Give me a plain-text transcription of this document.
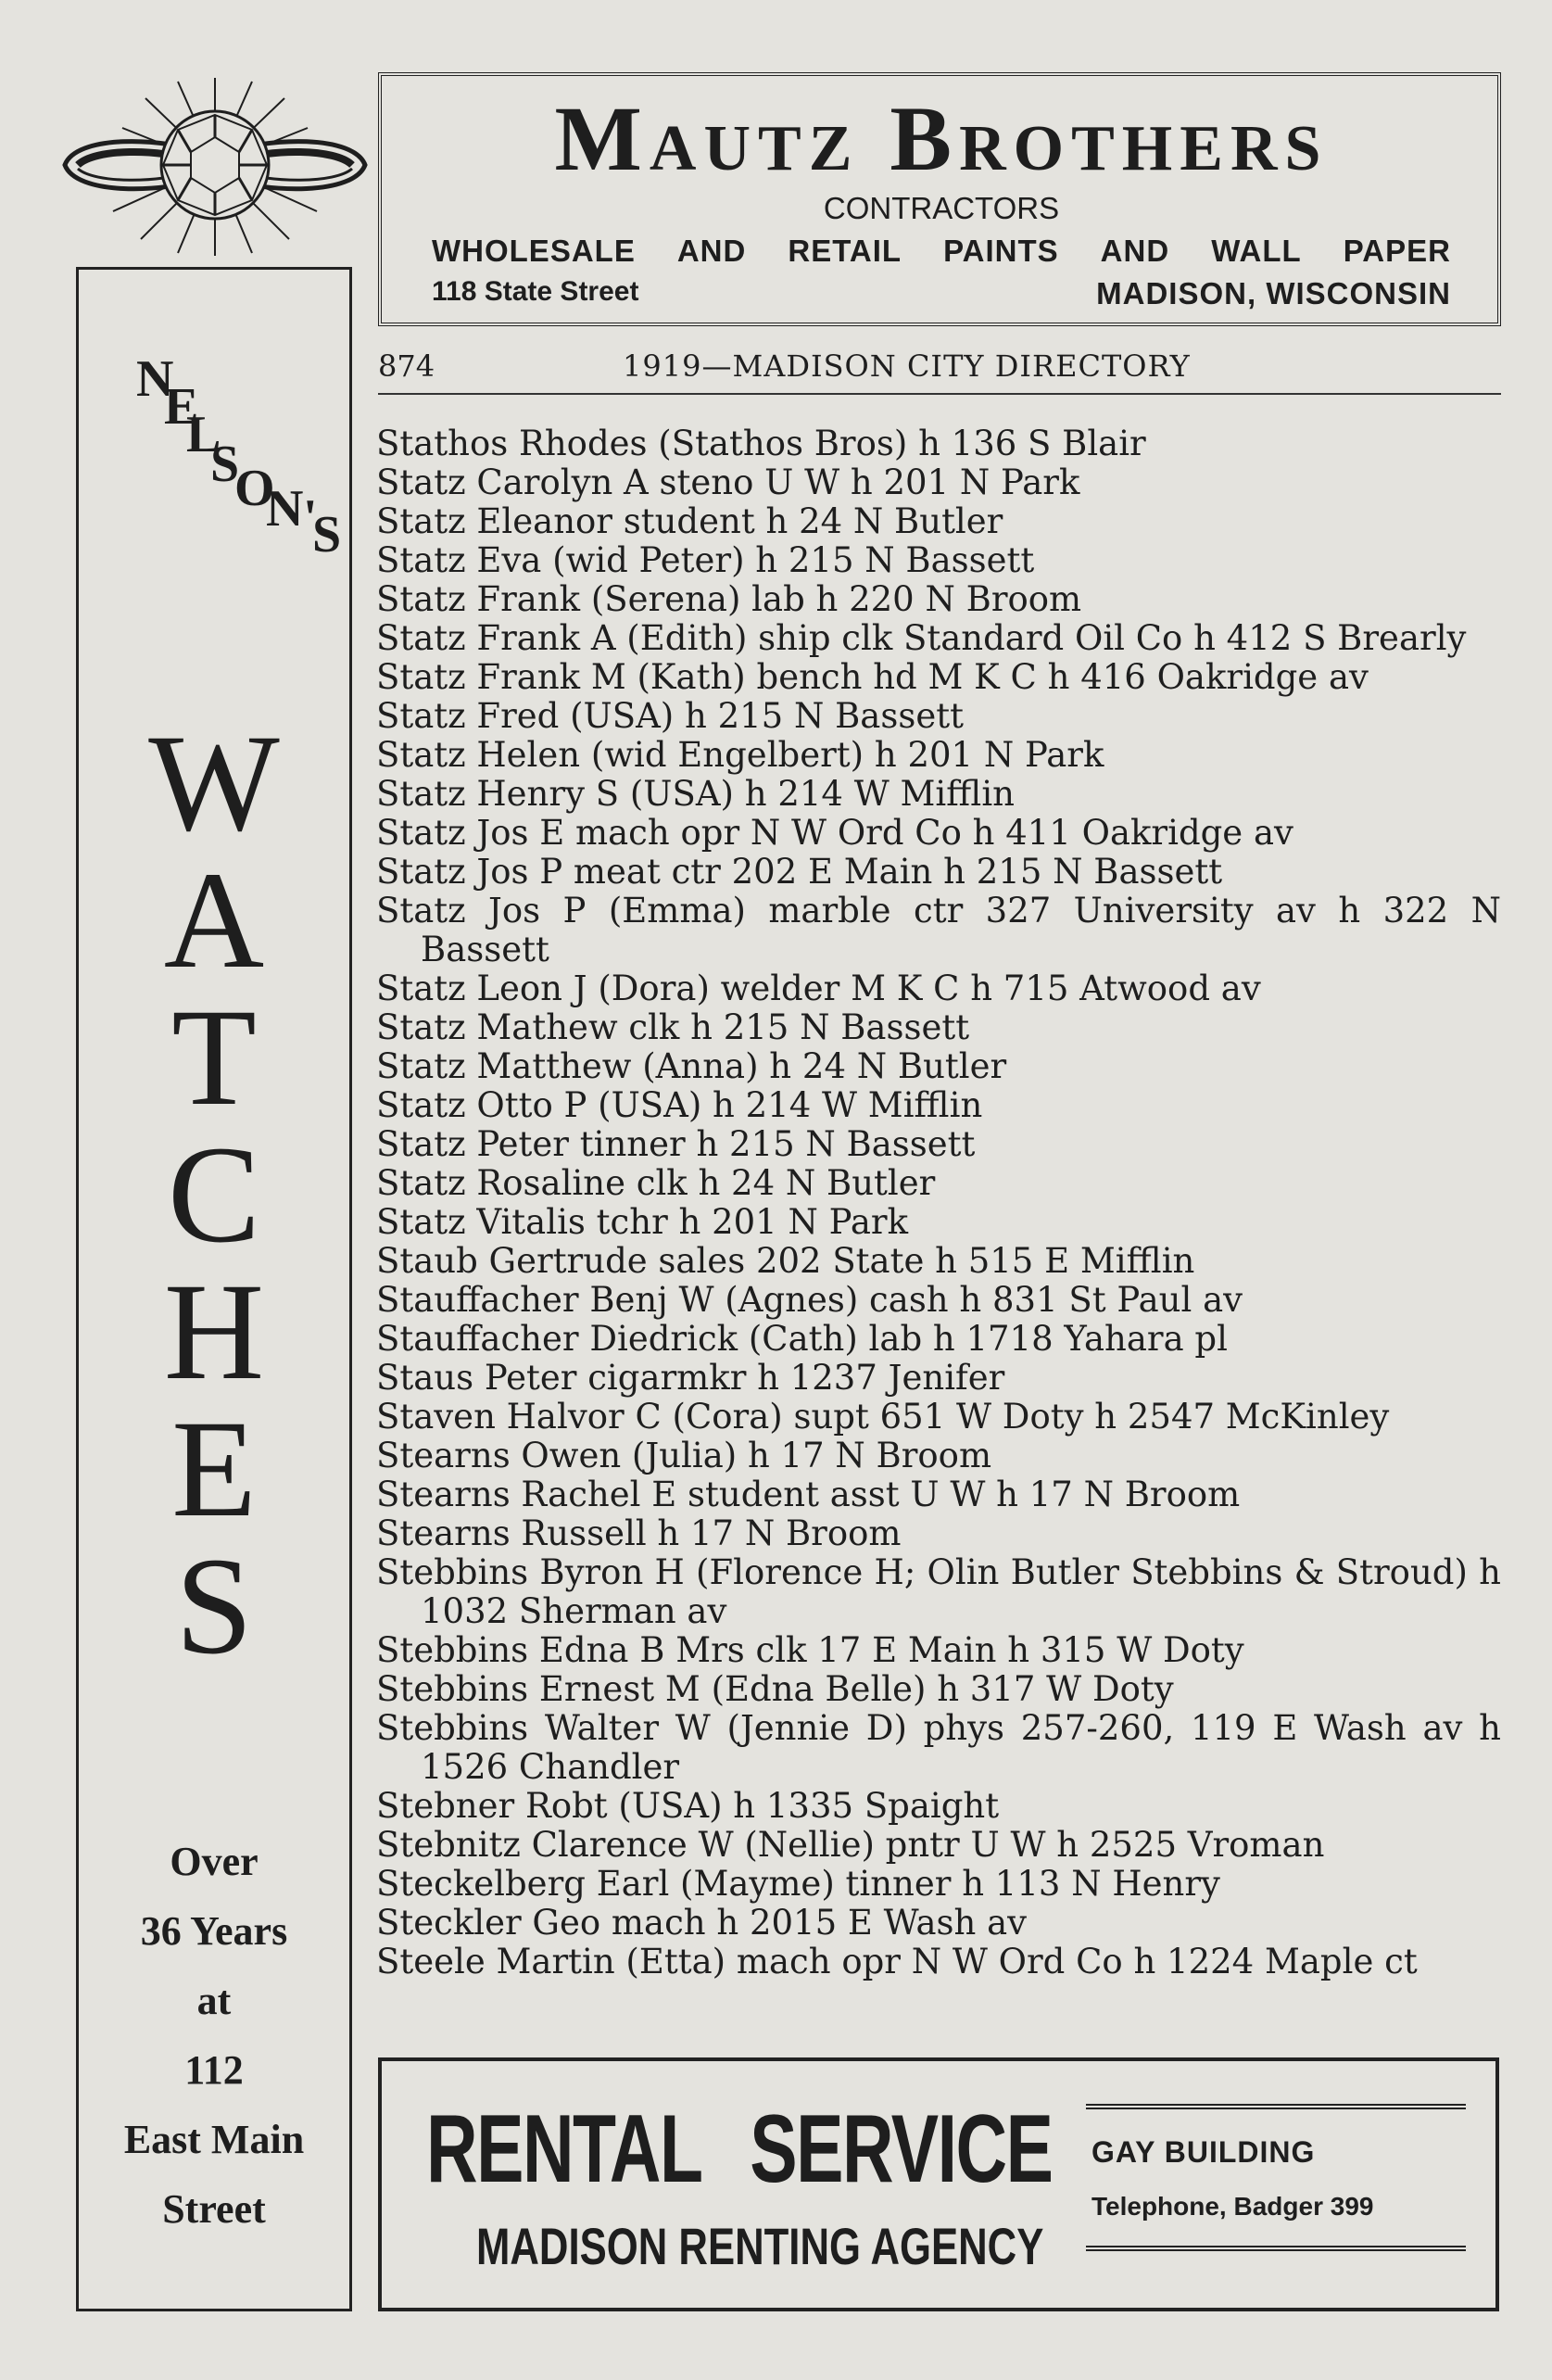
N
E
L
S
O
N '
S
W
A
T
C
H
E
S
Over
36 Years
at
112
East Main
Street
Mautz Brothers
CONTRACTORS
WHOLESALE AND RETAIL PAINTS AND WALL PAPER
118 State Street	MADISON, WISCONSIN
874	1919—MADISON CITY DIRECTORY
Stathos Rhodes (Stathos Bros) h 136 S Blair
Statz Carolyn A steno U W h 201 N Park
Statz Eleanor student h 24 N Butler
Statz Eva (wid Peter) h 215 N Bassett
Statz Frank (Serena) lab h 220 N Broom
Statz Frank A (Edith) ship clk Standard Oil Co h 412 S Brearly
Statz Frank M (Kath) bench hd M K C h 416 Oakridge av
Statz Fred (USA) h 215 N Bassett
Statz Helen (wid Engelbert) h 201 N Park
Statz Henry S (USA) h 214 W Mifflin
Statz Jos E mach opr N W Ord Co h 411 Oakridge av
Statz Jos P meat ctr 202 E Main h 215 N Bassett
Statz Jos P (Emma) marble ctr 327 University av h 322 N Bassett
Statz Leon J (Dora) welder M K C h 715 Atwood av
Statz Mathew clk h 215 N Bassett
Statz Matthew (Anna) h 24 N Butler
Statz Otto P (USA) h 214 W Mifflin
Statz Peter tinner h 215 N Bassett
Statz Rosaline clk h 24 N Butler
Statz Vitalis tchr h 201 N Park
Staub Gertrude sales 202 State h 515 E Mifflin
Stauffacher Benj W (Agnes) cash h 831 St Paul av
Stauffacher Diedrick (Cath) lab h 1718 Yahara pl
Staus Peter cigarmkr h 1237 Jenifer
Staven Halvor C (Cora) supt 651 W Doty h 2547 McKinley
Stearns Owen (Julia) h 17 N Broom
Stearns Rachel E student asst U W h 17 N Broom
Stearns Russell h 17 N Broom
Stebbins Byron H (Florence H; Olin Butler Stebbins & Stroud) h 1032 Sherman av
Stebbins Edna B Mrs clk 17 E Main h 315 W Doty
Stebbins Ernest M (Edna Belle) h 317 W Doty
Stebbins Walter W (Jennie D) phys 257-260, 119 E Wash av h 1526 Chandler
Stebner Robt (USA) h 1335 Spaight
Stebnitz Clarence W (Nellie) pntr U W h 2525 Vroman
Steckelberg Earl (Mayme) tinner h 113 N Henry
Steckler Geo mach h 2015 E Wash av
Steele Martin (Etta) mach opr N W Ord Co h 1224 Maple ct
RENTAL SERVICE
MADISON RENTING AGENCY
GAY BUILDING
Telephone, Badger 399
